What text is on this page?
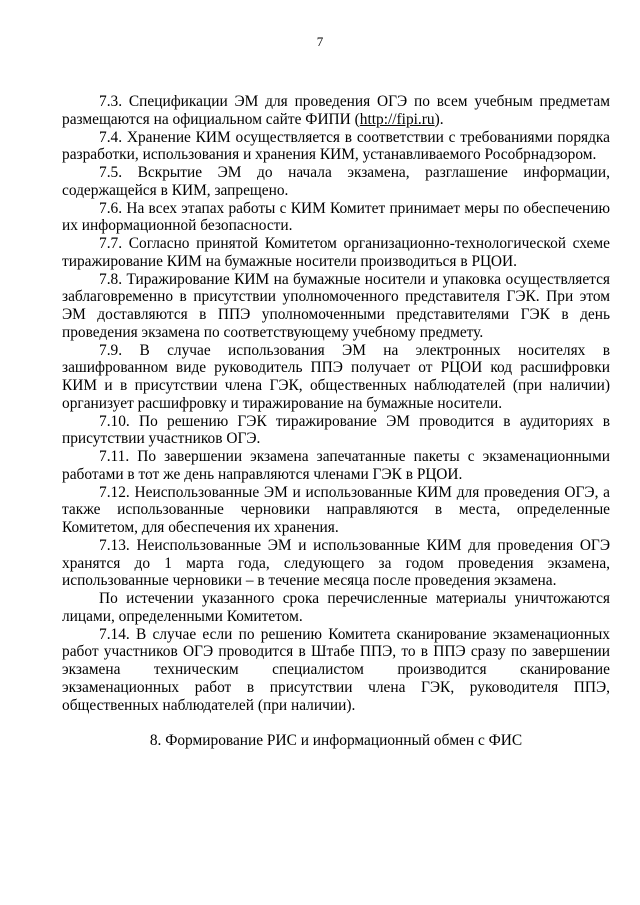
7

7.3. Спецификации ЭМ для проведения ОГЭ по всем учебным предметам размещаются на официальном сайте ФИПИ (http://fipi.ru).

7.4. Хранение КИМ осуществляется в соответствии с требованиями порядка разработки, использования и хранения КИМ, устанавливаемого Рособрнадзором.

7.5. Вскрытие ЭМ до начала экзамена, разглашение информации, содержащейся в КИМ, запрещено.

7.6. На всех этапах работы с КИМ Комитет принимает меры по обеспечению их информационной безопасности.

7.7. Согласно принятой Комитетом организационно-технологической схеме тиражирование КИМ на бумажные носители производиться в РЦОИ.

7.8. Тиражирование КИМ на бумажные носители и упаковка осуществляется заблаговременно в присутствии уполномоченного представителя ГЭК. При этом ЭМ доставляются в ППЭ уполномоченными представителями ГЭК в день проведения экзамена по соответствующему учебному предмету.

7.9. В случае использования ЭМ на электронных носителях в зашифрованном виде руководитель ППЭ получает от РЦОИ код расшифровки КИМ и в присутствии члена ГЭК, общественных наблюдателей (при наличии) организует расшифровку и тиражирование на бумажные носители.

7.10. По решению ГЭК тиражирование ЭМ проводится в аудиториях в присутствии участников ОГЭ.

7.11. По завершении экзамена запечатанные пакеты с экзаменационными работами в тот же день направляются членами ГЭК в РЦОИ.

7.12. Неиспользованные ЭМ и использованные КИМ для проведения ОГЭ, а также использованные черновики направляются в места, определенные Комитетом, для обеспечения их хранения.

7.13. Неиспользованные ЭМ и использованные КИМ для проведения ОГЭ хранятся до 1 марта года, следующего за годом проведения экзамена, использованные черновики – в течение месяца после проведения экзамена.

По истечении указанного срока перечисленные материалы уничтожаются лицами, определенными Комитетом.

7.14. В случае если по решению Комитета сканирование экзаменационных работ участников ОГЭ проводится в Штабе ППЭ, то в ППЭ сразу по завершении экзамена техническим специалистом производится сканирование экзаменационных работ в присутствии члена ГЭК, руководителя ППЭ, общественных наблюдателей (при наличии).

8. Формирование РИС и информационный обмен с ФИС
